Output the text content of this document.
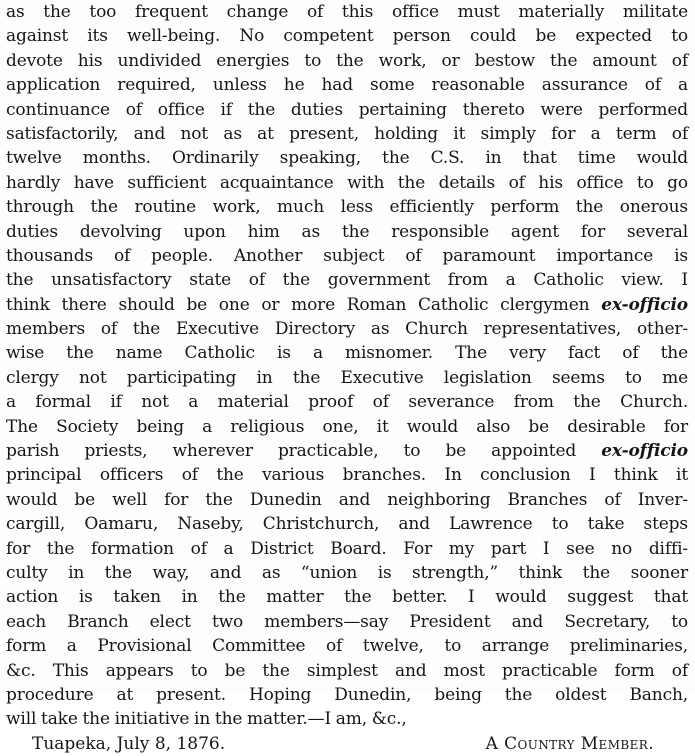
as the too frequent change of this office must materially militate
against its well-being. No competent person could be expected to
devote his undivided energies to the work, or bestow the amount of
application required, unless he had some reasonable assurance of a
continuance of office if the duties pertaining thereto were performed
satisfactorily, and not as at present, holding it simply for a term of
twelve months. Ordinarily speaking, the C.S. in that time would
hardly have sufficient acquaintance with the details of his office to go
through the routine work, much less efficiently perform the onerous
duties devolving upon him as the responsible agent for several
thousands of people. Another subject of paramount importance is
the unsatisfactory state of the government from a Catholic view. I
think there should be one or more Roman Catholic clergymen ex-officio
members of the Executive Directory as Church representatives, other-
wise the name Catholic is a misnomer. The very fact of the
clergy not participating in the Executive legislation seems to me
a formal if not a material proof of severance from the Church.
The Society being a religious one, it would also be desirable for
parish priests, wherever practicable, to be appointed ex-officio
principal officers of the various branches. In conclusion I think it
would be well for the Dunedin and neighboring Branches of Inver-
cargill, Oamaru, Naseby, Christchurch, and Lawrence to take steps
for the formation of a District Board. For my part I see no diffi-
culty in the way, and as “union is strength,” think the sooner
action is taken in the matter the better. I would suggest that
each Branch elect two members—say President and Secretary, to
form a Provisional Committee of twelve, to arrange preliminaries,
&c. This appears to be the simplest and most practicable form of
procedure at present. Hoping Dunedin, being the oldest Banch,
will take the initiative in the matter.—I am, &c.,
Tuapeka, July 8, 1876.	A Country Member.
